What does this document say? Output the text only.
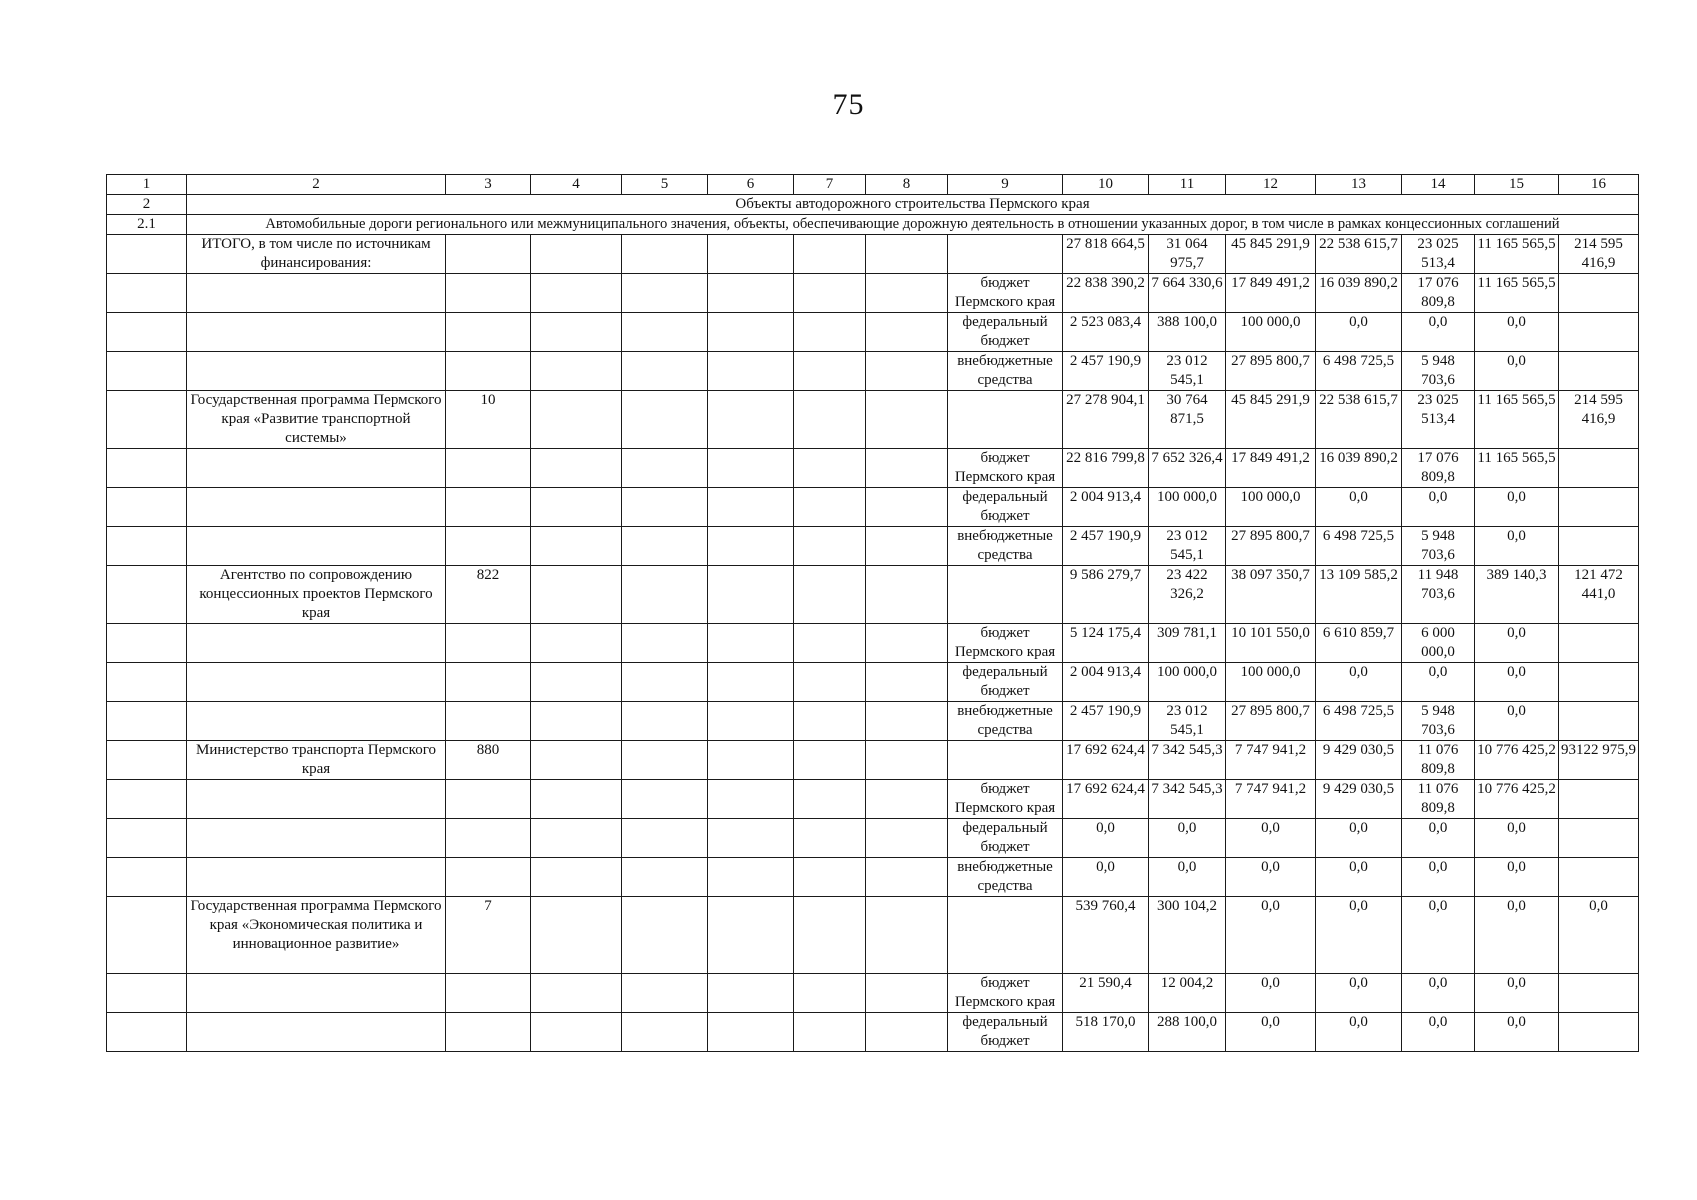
75
1	2	3	4	5	6	7	8	9	10	11	12	13	14	15	16
2	Объекты автодорожного строительства Пермского края														
2.1	Автомобильные дороги регионального или межмуниципального значения, объекты, обеспечивающие дорожную деятельность в отношении указанных дорог, в том числе в рамках концессионных соглашений														
	ИТОГО, в том числе по источникам финансирования:								27 818 664,5	31 064 975,7	45 845 291,9	22 538 615,7	23 025 513,4	11 165 565,5	214 595 416,9
								бюджет Пермского края	22 838 390,2	7 664 330,6	17 849 491,2	16 039 890,2	17 076 809,8	11 165 565,5	
								федеральный бюджет	2 523 083,4	388 100,0	100 000,0	0,0	0,0	0,0	
								внебюджетные средства	2 457 190,9	23 012 545,1	27 895 800,7	6 498 725,5	5 948 703,6	0,0	
	Государственная программа Пермского края «Развитие транспортной системы»	10							27 278 904,1	30 764 871,5	45 845 291,9	22 538 615,7	23 025 513,4	11 165 565,5	214 595 416,9
								бюджет Пермского края	22 816 799,8	7 652 326,4	17 849 491,2	16 039 890,2	17 076 809,8	11 165 565,5	
								федеральный бюджет	2 004 913,4	100 000,0	100 000,0	0,0	0,0	0,0	
								внебюджетные средства	2 457 190,9	23 012 545,1	27 895 800,7	6 498 725,5	5 948 703,6	0,0	
	Агентство по сопровождению концессионных проектов Пермского края	822							9 586 279,7	23 422 326,2	38 097 350,7	13 109 585,2	11 948 703,6	389 140,3	121 472 441,0
								бюджет Пермского края	5 124 175,4	309 781,1	10 101 550,0	6 610 859,7	6 000 000,0	0,0	
								федеральный бюджет	2 004 913,4	100 000,0	100 000,0	0,0	0,0	0,0	
								внебюджетные средства	2 457 190,9	23 012 545,1	27 895 800,7	6 498 725,5	5 948 703,6	0,0	
	Министерство транспорта Пермского края	880							17 692 624,4	7 342 545,3	7 747 941,2	9 429 030,5	11 076 809,8	10 776 425,2	93122 975,9
								бюджет Пермского края	17 692 624,4	7 342 545,3	7 747 941,2	9 429 030,5	11 076 809,8	10 776 425,2	
								федеральный бюджет	0,0	0,0	0,0	0,0	0,0	0,0	
								внебюджетные средства	0,0	0,0	0,0	0,0	0,0	0,0	
	Государственная программа Пермского края «Экономическая политика и инновационное развитие»	7							539 760,4	300 104,2	0,0	0,0	0,0	0,0	0,0
								бюджет Пермского края	21 590,4	12 004,2	0,0	0,0	0,0	0,0	
								федеральный бюджет	518 170,0	288 100,0	0,0	0,0	0,0	0,0	
